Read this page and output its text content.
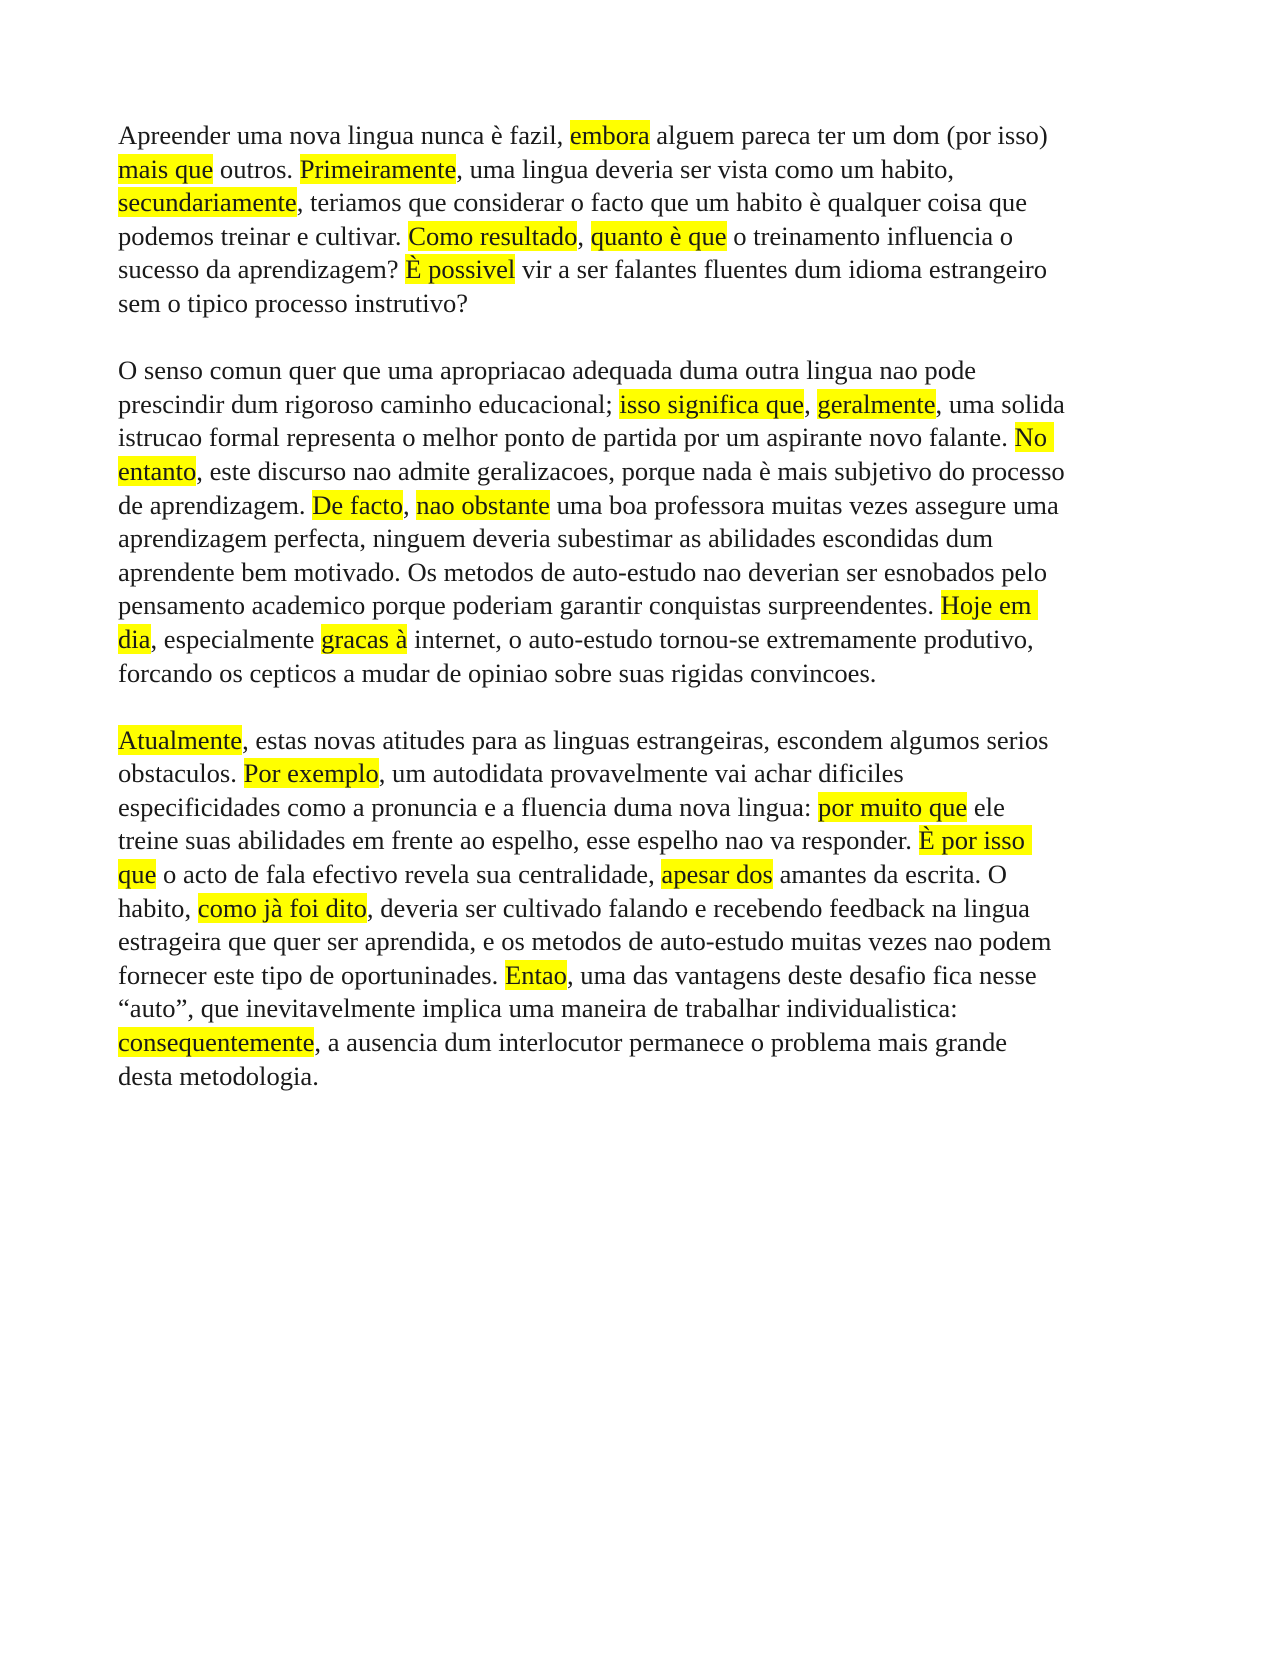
Apreender uma nova lingua nunca è fazil, embora alguem pareca ter um dom (por isso)
mais que outros. Primeiramente, uma lingua deveria ser vista como um habito,
secundariamente, teriamos que considerar o facto que um habito è qualquer coisa que
podemos treinar e cultivar. Como resultado, quanto è que o treinamento influencia o
sucesso da aprendizagem? È possivel vir a ser falantes fluentes dum idioma estrangeiro
sem o tipico processo instrutivo?
O senso comun quer que uma apropriacao adequada duma outra lingua nao pode
prescindir dum rigoroso caminho educacional; isso significa que, geralmente, uma solida
istrucao formal representa o melhor ponto de partida por um aspirante novo falante. No
entanto, este discurso nao admite geralizacoes, porque nada è mais subjetivo do processo
de aprendizagem. De facto, nao obstante uma boa professora muitas vezes assegure uma
aprendizagem perfecta, ninguem deveria subestimar as abilidades escondidas dum
aprendente bem motivado. Os metodos de auto-estudo nao deverian ser esnobados pelo
pensamento academico porque poderiam garantir conquistas surpreendentes. Hoje em
dia, especialmente gracas à internet, o auto-estudo tornou-se extremamente produtivo,
forcando os cepticos a mudar de opiniao sobre suas rigidas convincoes.
Atualmente, estas novas atitudes para as linguas estrangeiras, escondem algumos serios
obstaculos. Por exemplo, um autodidata provavelmente vai achar dificiles
especificidades como a pronuncia e a fluencia duma nova lingua: por muito que ele
treine suas abilidades em frente ao espelho, esse espelho nao va responder. È por isso
que o acto de fala efectivo revela sua centralidade, apesar dos amantes da escrita. O
habito, como jà foi dito, deveria ser cultivado falando e recebendo feedback na lingua
estrageira que quer ser aprendida, e os metodos de auto-estudo muitas vezes nao podem
fornecer este tipo de oportuninades. Entao, uma das vantagens deste desafio fica nesse
“auto”, que inevitavelmente implica uma maneira de trabalhar individualistica:
consequentemente, a ausencia dum interlocutor permanece o problema mais grande
desta metodologia.
